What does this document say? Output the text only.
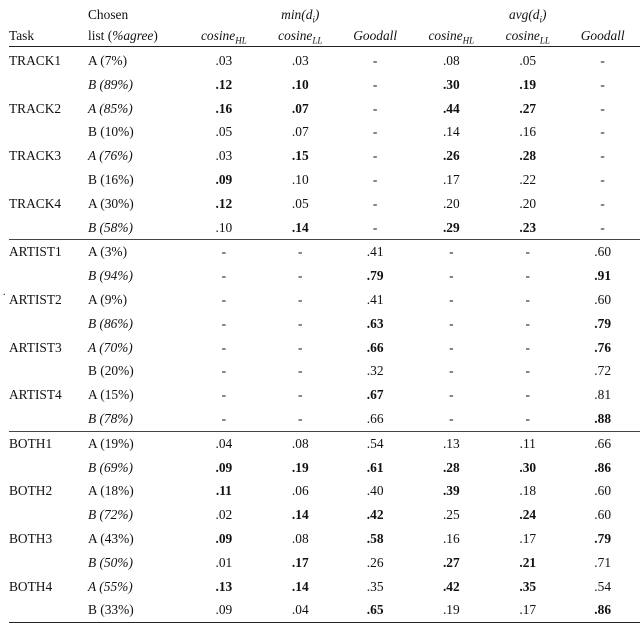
	Chosen		$\min(d_i)$			$avg(d_i)$	
Task	list (%agree)	cosine$_{HL}$	cosine$_{LL}$	Goodall	cosine$_{HL}$	cosine$_{LL}$	Goodall
TRACK1	A (7%)	.03	.03	-	.08	.05	-
	B (89%)	.12	.10	-	.30	.19	-
TRACK2	A (85%)	.16	.07	-	.44	.27	-
	B (10%)	.05	.07	-	.14	.16	-
TRACK3	A (76%)	.03	.15	-	.26	.28	-
	B (16%)	.09	.10	-	.17	.22	-
TRACK4	A (30%)	.12	.05	-	.20	.20	-
	B (58%)	.10	.14	-	.29	.23	-
ARTIST1	A (3%)	-	-	.41	-	-	.60
	B (94%)	-	-	.79	-	-	.91
ARTIST2	A (9%)	-	-	.41	-	-	.60
	B (86%)	-	-	.63	-	-	.79
ARTIST3	A (70%)	-	-	.66	-	-	.76
	B (20%)	-	-	.32	-	-	.72
ARTIST4	A (15%)	-	-	.67	-	-	.81
	B (78%)	-	-	.66	-	-	.88
BOTH1	A (19%)	.04	.08	.54	.13	.11	.66
	B (69%)	.09	.19	.61	.28	.30	.86
BOTH2	A (18%)	.11	.06	.40	.39	.18	.60
	B (72%)	.02	.14	.42	.25	.24	.60
BOTH3	A (43%)	.09	.08	.58	.16	.17	.79
	B (50%)	.01	.17	.26	.27	.21	.71
BOTH4	A (55%)	.13	.14	.35	.42	.35	.54
	B (33%)	.09	.04	.65	.19	.17	.86
.
